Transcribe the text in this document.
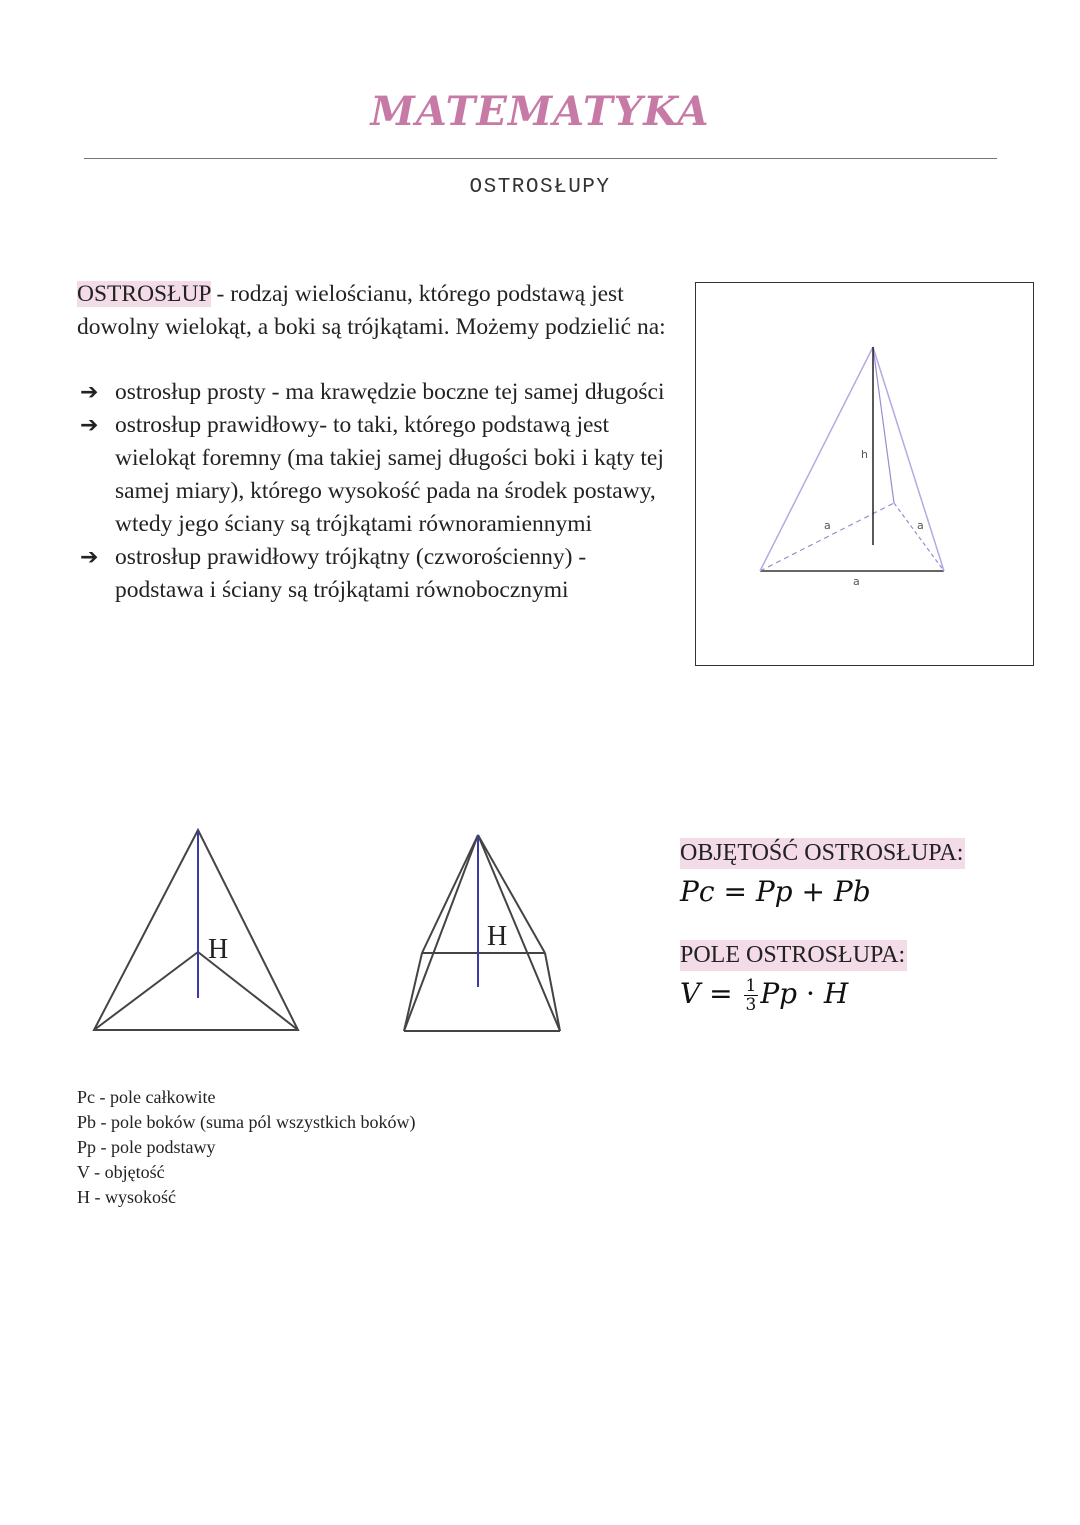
MATEMATYKA
OSTROSŁUPY
OSTROSŁUP - rodzaj wielościanu, którego podstawą jest dowolny wielokąt, a boki są trójkątami. Możemy podzielić na:
➔ ostrosłup prosty - ma krawędzie boczne tej samej długości
➔ ostrosłup prawidłowy- to taki, którego podstawą jest wielokąt foremny (ma takiej samej długości boki i kąty tej samej miary), którego wysokość pada na środek postawy, wtedy jego ściany są trójkątami równoramiennymi
➔ ostrosłup prawidłowy trójkątny (czworościenny) - podstawa i ściany są trójkątami równobocznymi
h
a	a
a
H	H
OBJĘTOŚĆ OSTROSŁUPA:
Pc = Pp + Pb
POLE OSTROSŁUPA:
$V = \frac{1}{3}$ Pp · H
Pc - pole całkowite
Pb - pole boków (suma pól wszystkich boków)
Pp - pole podstawy
V - objętość
H - wysokość
